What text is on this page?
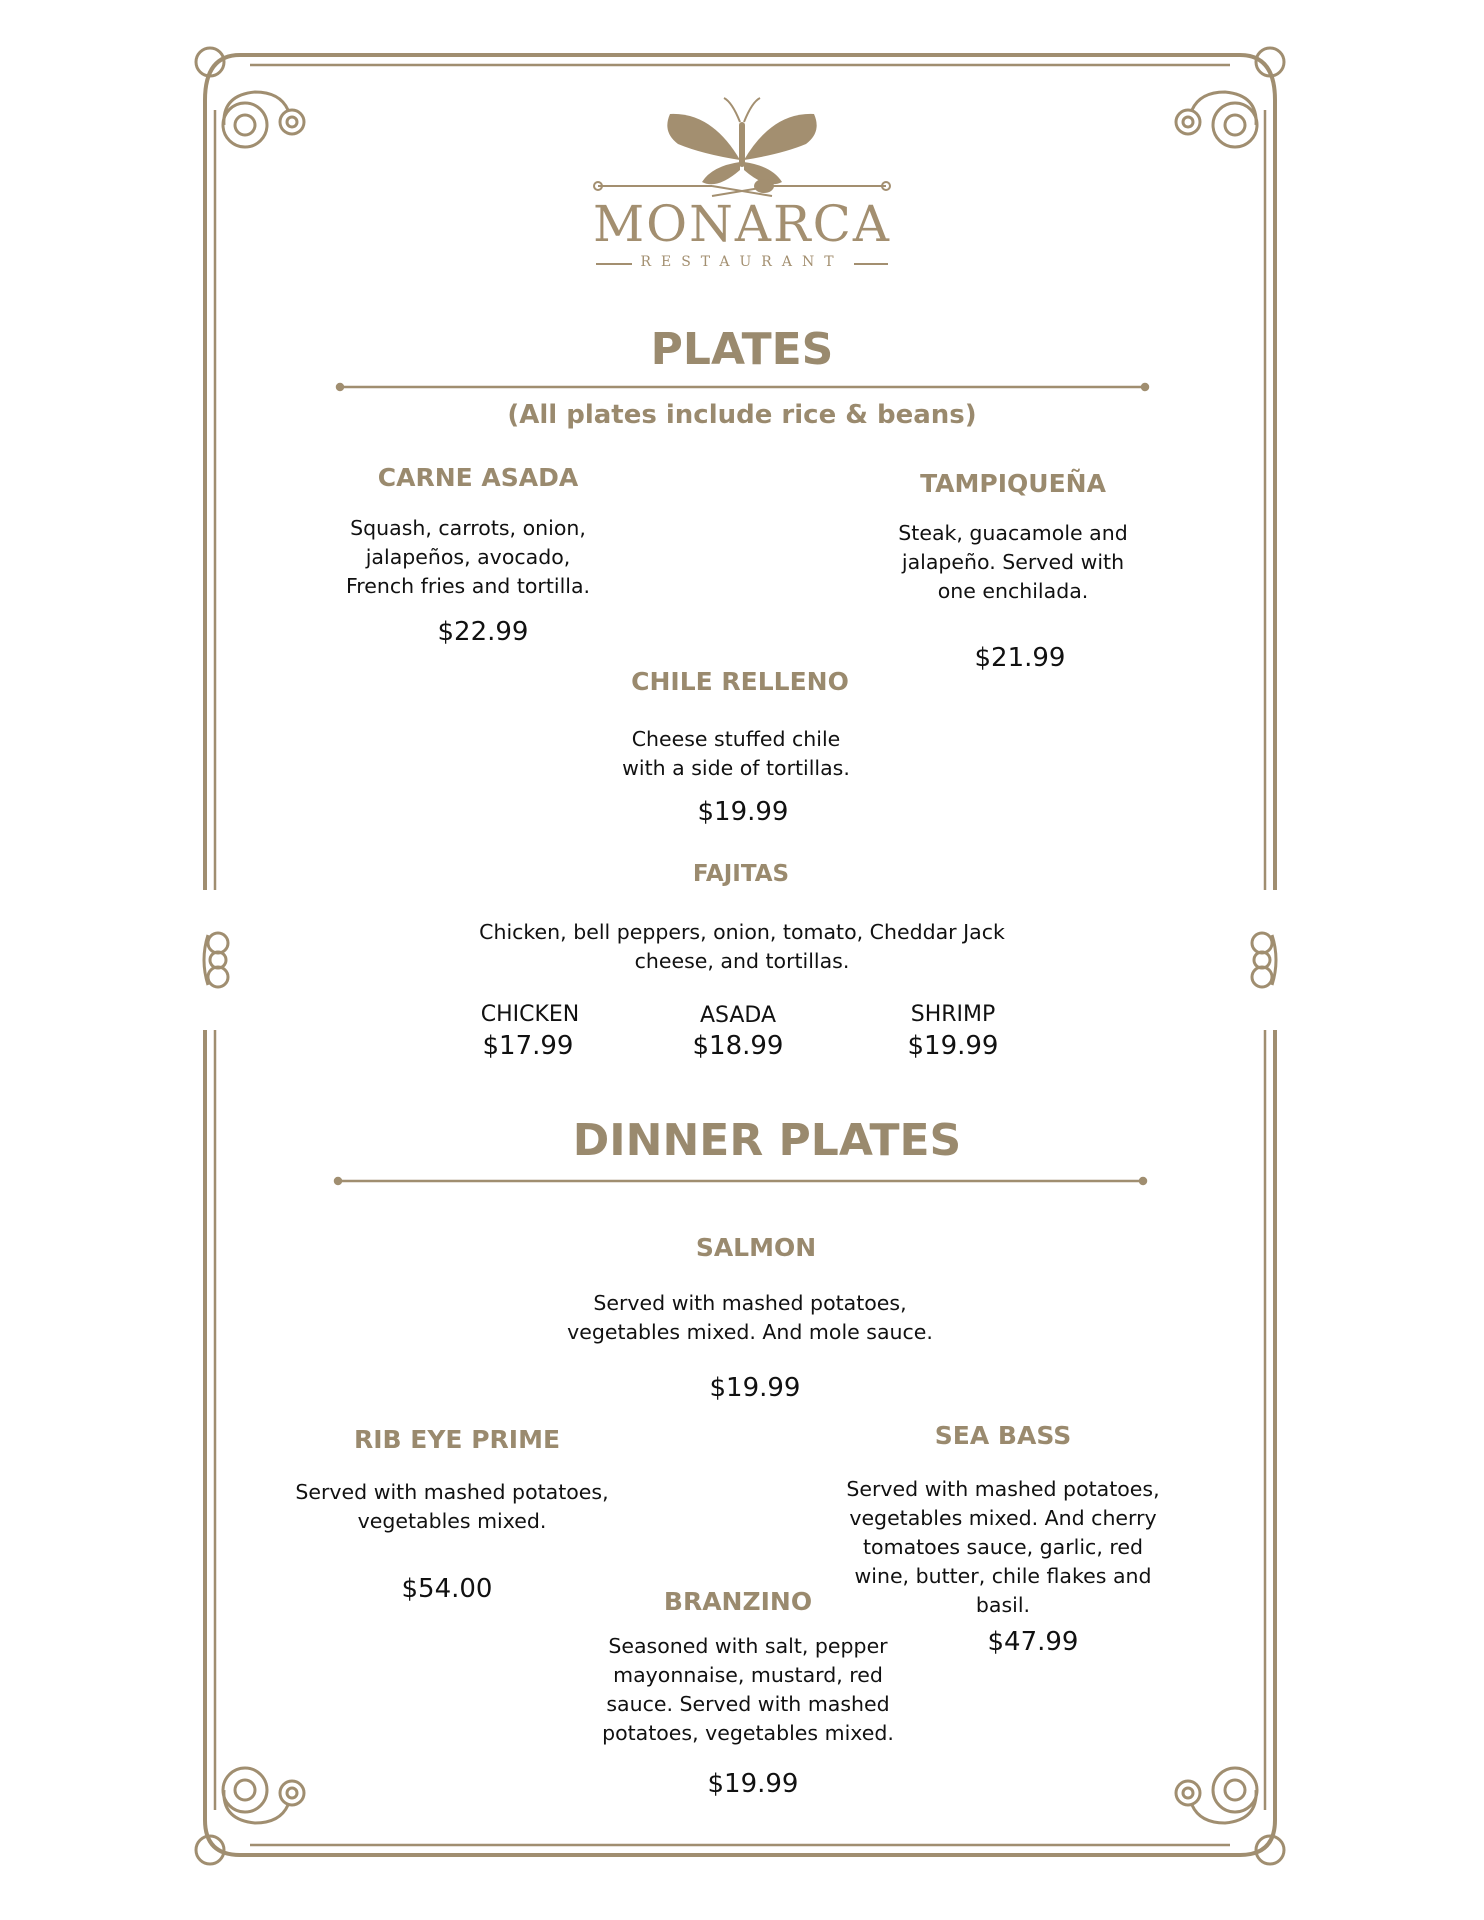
MONARCA
RESTAURANT
PLATES
(All plates include rice & beans)
CARNE ASADA
Squash, carrots, onion,
jalapeños, avocado,
French fries and tortilla.
$22.99
TAMPIQUEÑA
Steak, guacamole and
jalapeño. Served with
one enchilada.
$21.99
CHILE RELLENO
Cheese stuffed chile
with a side of tortillas.
$19.99
FAJITAS
Chicken, bell peppers, onion, tomato, Cheddar Jack
cheese, and tortillas.
CHICKEN
$17.99
ASADA
$18.99
SHRIMP
$19.99
DINNER PLATES
SALMON
Served with mashed potatoes,
vegetables mixed. And mole sauce.
$19.99
RIB EYE PRIME
Served with mashed potatoes,
vegetables mixed.
$54.00
SEA BASS
Served with mashed potatoes,
vegetables mixed. And cherry
tomatoes sauce, garlic, red
wine, butter, chile flakes and
basil.
$47.99
BRANZINO
Seasoned with salt, pepper
mayonnaise, mustard, red
sauce. Served with mashed
potatoes, vegetables mixed.
$19.99
